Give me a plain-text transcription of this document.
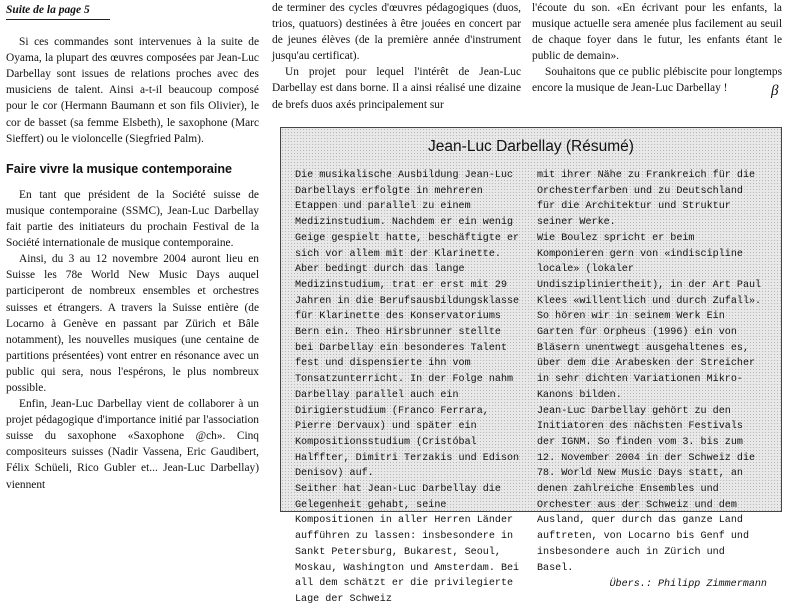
Suite de la page 5

Si ces commandes sont intervenues à la suite de Oyama, la plupart des œuvres composées par Jean-Luc Darbellay sont issues de relations proches avec des musiciens de talent. Ainsi a-t-il beaucoup composé pour le cor (Hermann Baumann et son fils Olivier), le cor de basset (sa femme Elsbeth), le saxophone (Marc Sieffert) ou le violoncelle (Siegfried Palm).

Faire vivre la musique contemporaine

En tant que président de la Société suisse de musique contemporaine (SSMC), Jean-Luc Darbellay fait partie des initiateurs du prochain Festival de la Société internationale de musique contemporaine.

Ainsi, du 3 au 12 novembre 2004 auront lieu en Suisse les 78e World New Music Days auquel participeront de nombreux ensembles et orchestres suisses et étrangers. A travers la Suisse entière (de Locarno à Genève en passant par Zürich et Bâle notamment), les nouvelles musiques (une centaine de partitions présentées) vont entrer en résonance avec un public qui sera, nous l'espérons, le plus nombreux possible.

Enfin, Jean-Luc Darbellay vient de collaborer à un projet pédagogique d'importance initié par l'association suisse du saxophone «Saxophone @ch». Cinq compositeurs suisses (Nadir Vassena, Eric Gaudibert, Félix Schüeli, Rico Gubler et... Jean-Luc Darbellay) viennent

de terminer des cycles d'œuvres pédagogiques (duos, trios, quatuors) destinées à être jouées en concert par de jeunes élèves (de la première année d'instrument jusqu'au certificat).

Un projet pour lequel l'intérêt de Jean-Luc Darbellay est dans borne. Il a ainsi réalisé une dizaine de brefs duos axés principalement sur

l'écoute du son. «En écrivant pour les enfants, la musique actuelle sera amenée plus facilement au seuil de chaque foyer dans le futur, les enfants étant le public de demain».

Souhaitons que ce public plébiscite pour longtemps encore la musique de Jean-Luc Darbellay !	β
Jean-Luc Darbellay (Résumé)

Die musikalische Ausbildung Jean-Luc Darbellays erfolgte in mehreren Etappen und parallel zu einem Medizinstudium. Nachdem er ein wenig Geige gespielt hatte, beschäftigte er sich vor allem mit der Klarinette. Aber bedingt durch das lange Medizinstudium, trat er erst mit 29 Jahren in die Berufsausbildungsklasse für Klarinette des Konservatoriums Bern ein. Theo Hirsbrunner stellte bei Darbellay ein besonderes Talent fest und dispensierte ihn vom Tonsatzunterricht. In der Folge nahm Darbellay parallel auch ein Dirigierstudium (Franco Ferrara, Pierre Dervaux) und später ein Kompositionsstudium (Cristóbal Halffter, Dimitri Terzakis und Edison Denisov) auf.

Seither hat Jean-Luc Darbellay die Gelegenheit gehabt, seine Kompositionen in aller Herren Länder aufführen zu lassen: insbesondere in Sankt Petersburg, Bukarest, Seoul, Moskau, Washington und Amsterdam. Bei all dem schätzt er die privilegierte Lage der Schweiz

mit ihrer Nähe zu Frankreich für die Orchesterfarben und zu Deutschland für die Architektur und Struktur seiner Werke.

Wie Boulez spricht er beim Komponieren gern von «indiscipline locale» (lokaler Undiszipliniertheit), in der Art Paul Klees «willentlich und durch Zufall». So hören wir in seinem Werk Ein Garten für Orpheus (1996) ein von Bläsern unentwegt ausgehaltenes es, über dem die Arabesken der Streicher in sehr dichten Variationen Mikro-Kanons bilden.

Jean-Luc Darbellay gehört zu den Initiatoren des nächsten Festivals der IGNM. So finden vom 3. bis zum 12. November 2004 in der Schweiz die 78. World New Music Days statt, an denen zahlreiche Ensembles und Orchester aus der Schweiz und dem Ausland, quer durch das ganze Land auftreten, von Locarno bis Genf und insbesondere auch in Zürich und Basel.

Übers.: Philipp Zimmermann
